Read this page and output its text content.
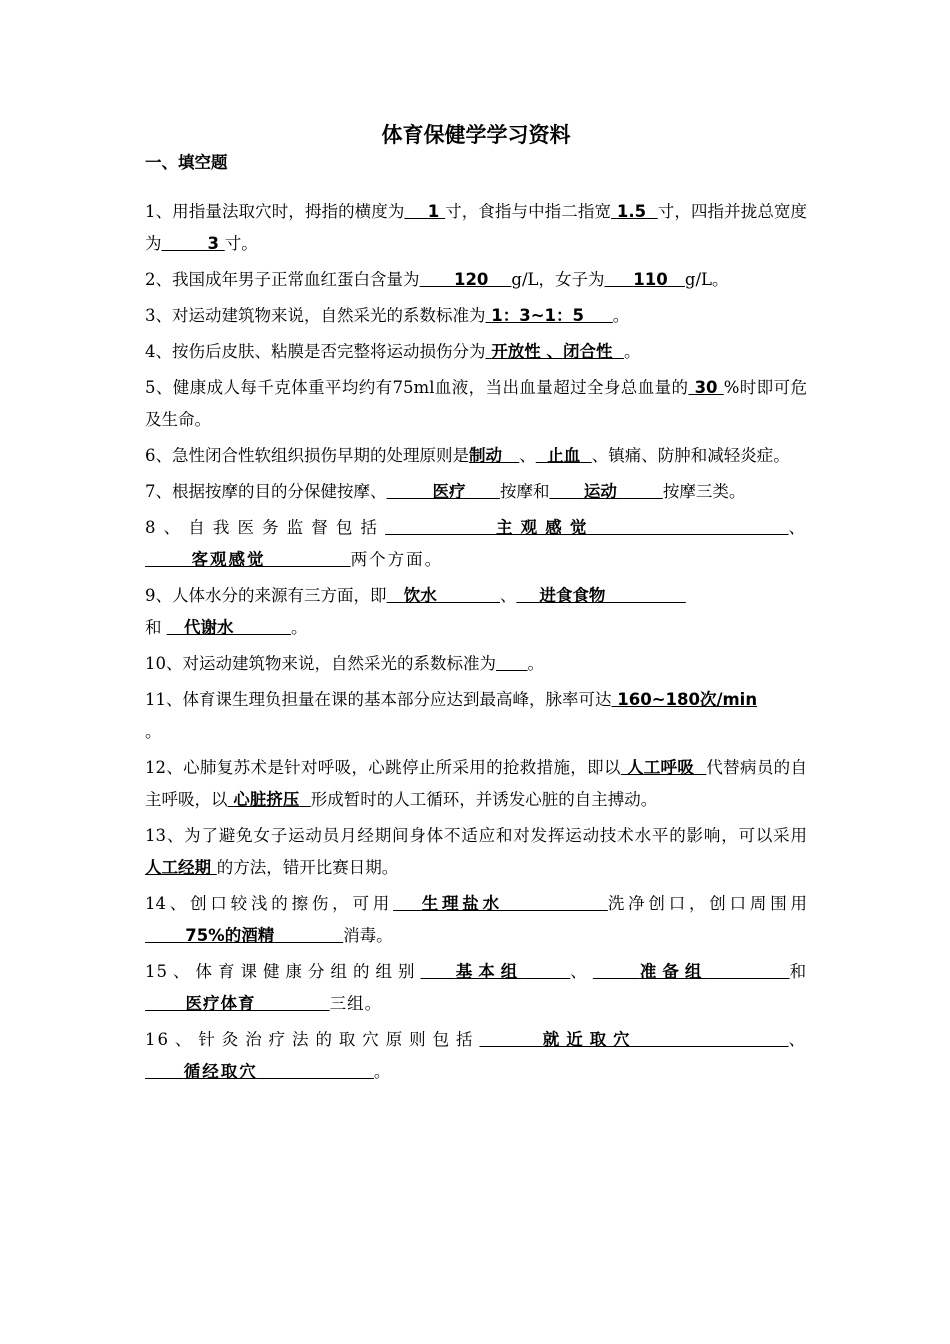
体育保健学学习资料
一、填空题

1、用指量法取穴时，拇指的横度为 1 寸，食指与中指二指宽 1.5 寸，四指并拢总宽度为	3 寸。

2、我国成年男子正常血红蛋白含量为 120 g/L，女子为 110 g/L。

3、对运动建筑物来说，自然采光的系数标准为 1：3~1：5 。

4、按伤后皮肤、粘膜是否完整将运动损伤分为 开放性 、闭合性 。

5、健康成人每千克体重平均约有75ml血液，当出血量超过全身总血量的 30 %时即可危及生命。

6、急性闭合性软组织损伤早期的处理原则是制动 、 止血 、镇痛、防肿和减轻炎症。

7、根据按摩的目的分保健按摩、	医疗 按摩和 运动	按摩三类。

8、自我医务监督包括	主观感觉	、      客观感觉	两个方面。

9、人体水分的来源有三方面，即 饮水	、 进食食物
和 代谢水	。

10、对运动建筑物来说，自然采光的系数标准为 。

11、体育课生理负担量在课的基本部分应达到最高峰，脉率可达 160~180次/min
。

12、心肺复苏术是针对呼吸，心跳停止所采用的抢救措施，即以 人工呼吸 代替病员的自主呼吸，以 心脏挤压 形成暂时的人工循环，并诱发心脏的自主搏动。

13、为了避免女子运动员月经期间身体不适应和对发挥运动技术水平的影响，可以采用人工经期 的方法，错开比赛日期。

14、创口较浅的擦伤，可用 生理盐水	洗净创口，创口周围用       75%的酒精	消毒。

15、体育课健康分组的组别 基本组	、	准备组	和      医疗体育	三组。

16、针灸治疗法的取穴原则包括	就近取穴	、     循经取穴	。
